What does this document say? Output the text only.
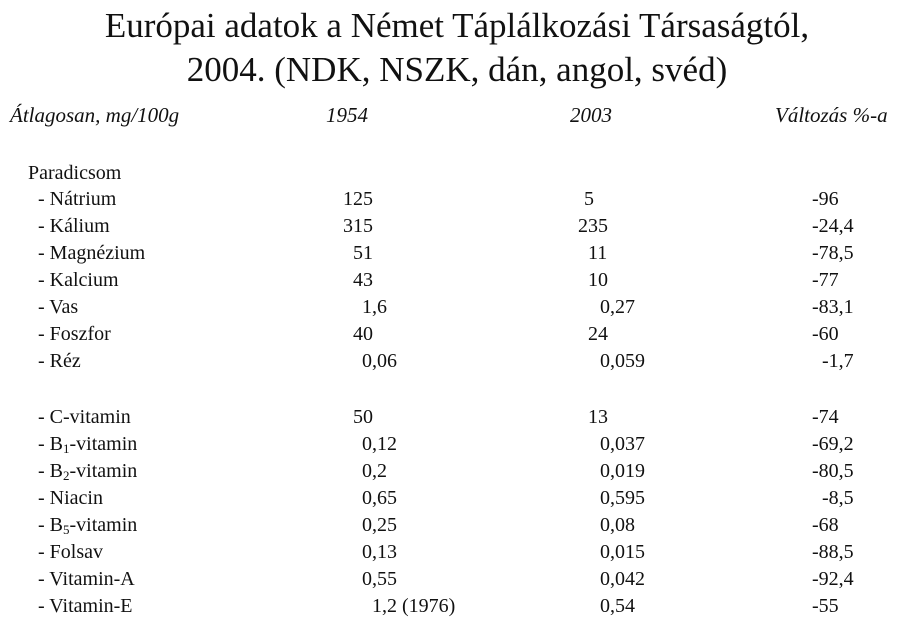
Európai adatok a Német Táplálkozási Társaságtól,
2004. (NDK, NSZK, dán, angol, svéd)
Átlagosan, mg/100g	1954	2003	Változás %-a
Paradicsom
- Nátrium	125	5	-96
- Kálium	315	235	-24,4
- Magnézium	51	11	-78,5
- Kalcium	43	10	-77
- Vas	1,6	0,27	-83,1
- Foszfor	40	24	-60
- Réz	0,06	0,059	-1,7
- C-vitamin	50	13	-74
- $B_1$-vitamin	0,12	0,037	-69,2
- $B_2$-vitamin	0,2	0,019	-80,5
- Niacin	0,65	0,595	-8,5
- $B_5$-vitamin	0,25	0,08	-68
- Folsav	0,13	0,015	-88,5
- Vitamin-A	0,55	0,042	-92,4
- Vitamin-E	1,2 (1976)	0,54	-55
